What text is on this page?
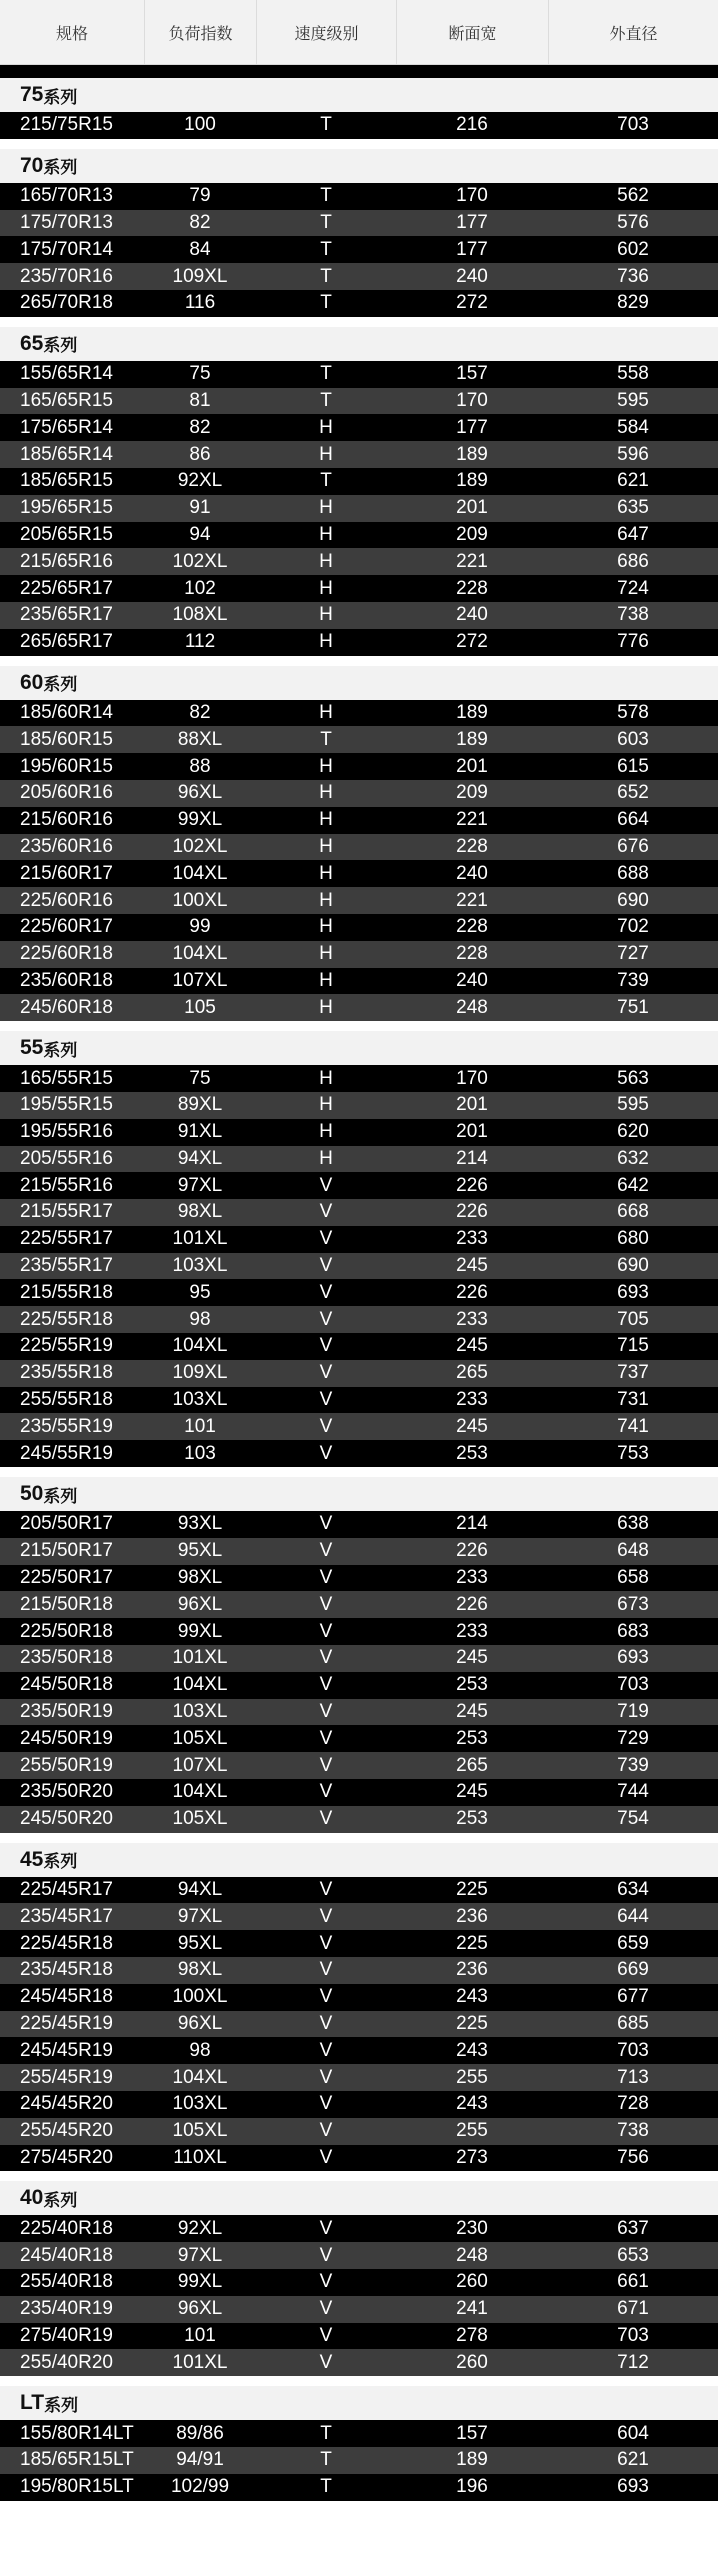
规格	负荷指数	速度级别	断面宽	外直径
75 系列
215/75R15	100	T	216	703
70 系列
165/70R13	79	T	170	562
175/70R13	82	T	177	576
175/70R14	84	T	177	602
235/70R16	109XL	T	240	736
265/70R18	116	T	272	829
65 系列
155/65R14	75	T	157	558
165/65R15	81	T	170	595
175/65R14	82	H	177	584
185/65R14	86	H	189	596
185/65R15	92XL	T	189	621
195/65R15	91	H	201	635
205/65R15	94	H	209	647
215/65R16	102XL	H	221	686
225/65R17	102	H	228	724
235/65R17	108XL	H	240	738
265/65R17	112	H	272	776
60 系列
185/60R14	82	H	189	578
185/60R15	88XL	T	189	603
195/60R15	88	H	201	615
205/60R16	96XL	H	209	652
215/60R16	99XL	H	221	664
235/60R16	102XL	H	228	676
215/60R17	104XL	H	240	688
225/60R16	100XL	H	221	690
225/60R17	99	H	228	702
225/60R18	104XL	H	228	727
235/60R18	107XL	H	240	739
245/60R18	105	H	248	751
55 系列
165/55R15	75	H	170	563
195/55R15	89XL	H	201	595
195/55R16	91XL	H	201	620
205/55R16	94XL	H	214	632
215/55R16	97XL	V	226	642
215/55R17	98XL	V	226	668
225/55R17	101XL	V	233	680
235/55R17	103XL	V	245	690
215/55R18	95	V	226	693
225/55R18	98	V	233	705
225/55R19	104XL	V	245	715
235/55R18	109XL	V	265	737
255/55R18	103XL	V	233	731
235/55R19	101	V	245	741
245/55R19	103	V	253	753
50 系列
205/50R17	93XL	V	214	638
215/50R17	95XL	V	226	648
225/50R17	98XL	V	233	658
215/50R18	96XL	V	226	673
225/50R18	99XL	V	233	683
235/50R18	101XL	V	245	693
245/50R18	104XL	V	253	703
235/50R19	103XL	V	245	719
245/50R19	105XL	V	253	729
255/50R19	107XL	V	265	739
235/50R20	104XL	V	245	744
245/50R20	105XL	V	253	754
45 系列
225/45R17	94XL	V	225	634
235/45R17	97XL	V	236	644
225/45R18	95XL	V	225	659
235/45R18	98XL	V	236	669
245/45R18	100XL	V	243	677
225/45R19	96XL	V	225	685
245/45R19	98	V	243	703
255/45R19	104XL	V	255	713
245/45R20	103XL	V	243	728
255/45R20	105XL	V	255	738
275/45R20	110XL	V	273	756
40 系列
225/40R18	92XL	V	230	637
245/40R18	97XL	V	248	653
255/40R18	99XL	V	260	661
235/40R19	96XL	V	241	671
275/40R19	101	V	278	703
255/40R20	101XL	V	260	712
LT 系列
155/80R14LT	89/86	T	157	604
185/65R15LT	94/91	T	189	621
195/80R15LT	102/99	T	196	693
